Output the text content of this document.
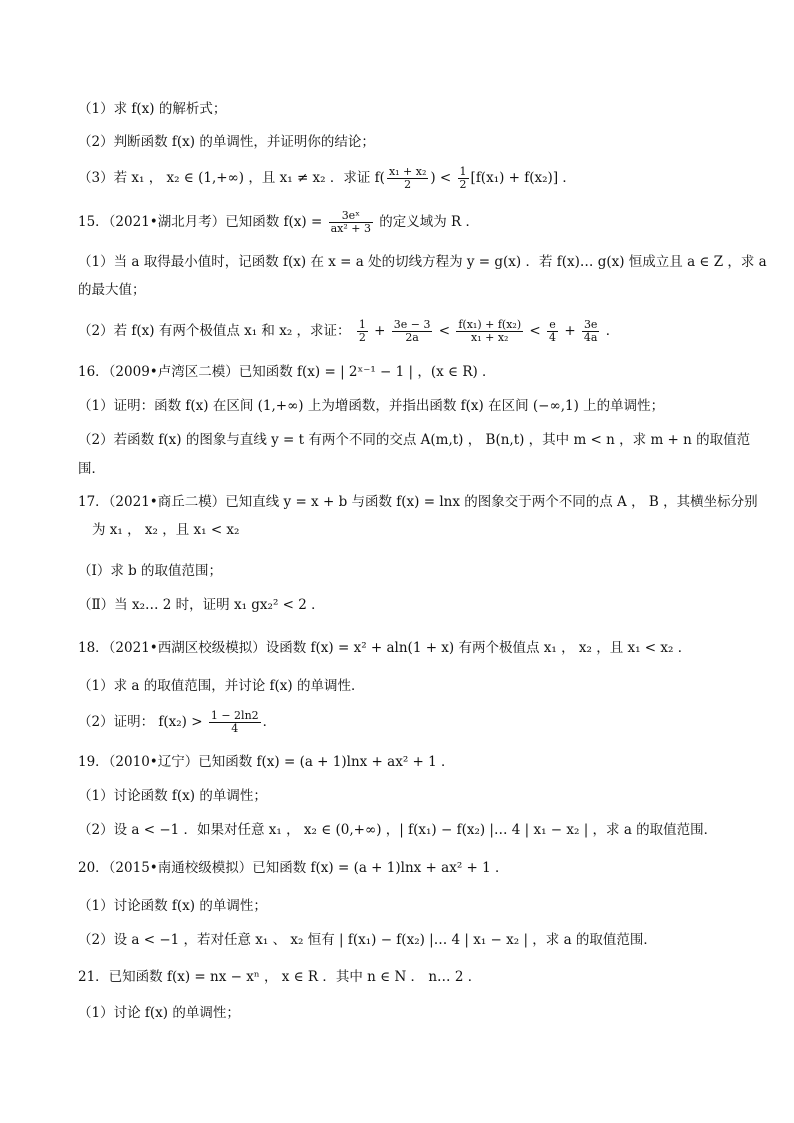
（1）求 f(x) 的解析式；
（2）判断函数 f(x) 的单调性，并证明你的结论；
（3）若 x₁ ， x₂ ∈ (1,+∞) ，且 x₁ ≠ x₂ ．求证 $f( \frac{\text{x₁ + x₂}}{2}$ ) < $\frac{1}{2} [f(x_1) + f(x_2)]$ ．
15．（2021•湖北月考）已知函数 $f(x) = \frac{\text{3eˣ}}{\text{ax² + 3}}$ 的定义域为 R ．
（1）当 a 取得最小值时，记函数 f(x) 在 x = a 处的切线方程为 y = g(x) ．若 f(x)… g(x) 恒成立且 a ∈ Z ，求 a
的最大值；
（2）若 f(x) 有两个极值点 x₁ 和 x₂ ，求证： $\frac{1}{2} + \frac{3e - 3}{2a} < \frac{\text{f(x₁) + f(x₂)}}{\text{x₁ + x₂}} < \frac{e}{4} + \frac{3e}{4a}$ ．
16．（2009•卢湾区二模）已知函数 f(x) = | 2ˣ⁻¹ − 1 | ，(x ∈ R) ．
（1）证明：函数 f(x) 在区间 (1,+∞) 上为增函数，并指出函数 f(x) 在区间 (−∞,1) 上的单调性；
（2）若函数 f(x) 的图象与直线 y = t 有两个不同的交点 A(m,t) ， B(n,t) ，其中 m < n ，求 m + n 的取值范
围．
17．（2021•商丘二模）已知直线 y = x + b 与函数 f(x) = lnx 的图象交于两个不同的点 A ， B ，其横坐标分别
为 x₁ ， x₂ ，且 x₁ < x₂
（Ⅰ）求 b 的取值范围；
（Ⅱ）当 x₂… 2 时，证明 x₁ gx₂² < 2 ．
18．（2021•西湖区校级模拟）设函数 f(x) = x² + aln(1 + x) 有两个极值点 x₁ ， x₂ ，且 x₁ < x₂ ．
（1）求 a 的取值范围，并讨论 f(x) 的单调性．
（2）证明： $f(x_2) > \frac{1 - 2\ln 2}{4}$ ．
19．（2010•辽宁）已知函数 f(x) = (a + 1)lnx + ax² + 1 ．
（1）讨论函数 f(x) 的单调性；
（2）设 a < −1 ．如果对任意 x₁ ， x₂ ∈ (0,+∞) ，| f(x₁) − f(x₂) |… 4 | x₁ − x₂ | ，求 a 的取值范围．
20．（2015•南通校级模拟）已知函数 f(x) = (a + 1)lnx + ax² + 1 ．
（1）讨论函数 f(x) 的单调性；
（2）设 a < −1 ，若对任意 x₁ 、 x₂ 恒有 | f(x₁) − f(x₂) |… 4 | x₁ − x₂ | ，求 a 的取值范围．
21．已知函数 f(x) = nx − xⁿ ， x ∈ R ．其中 n ∈ N ． n… 2 ．
（1）讨论 f(x) 的单调性；
